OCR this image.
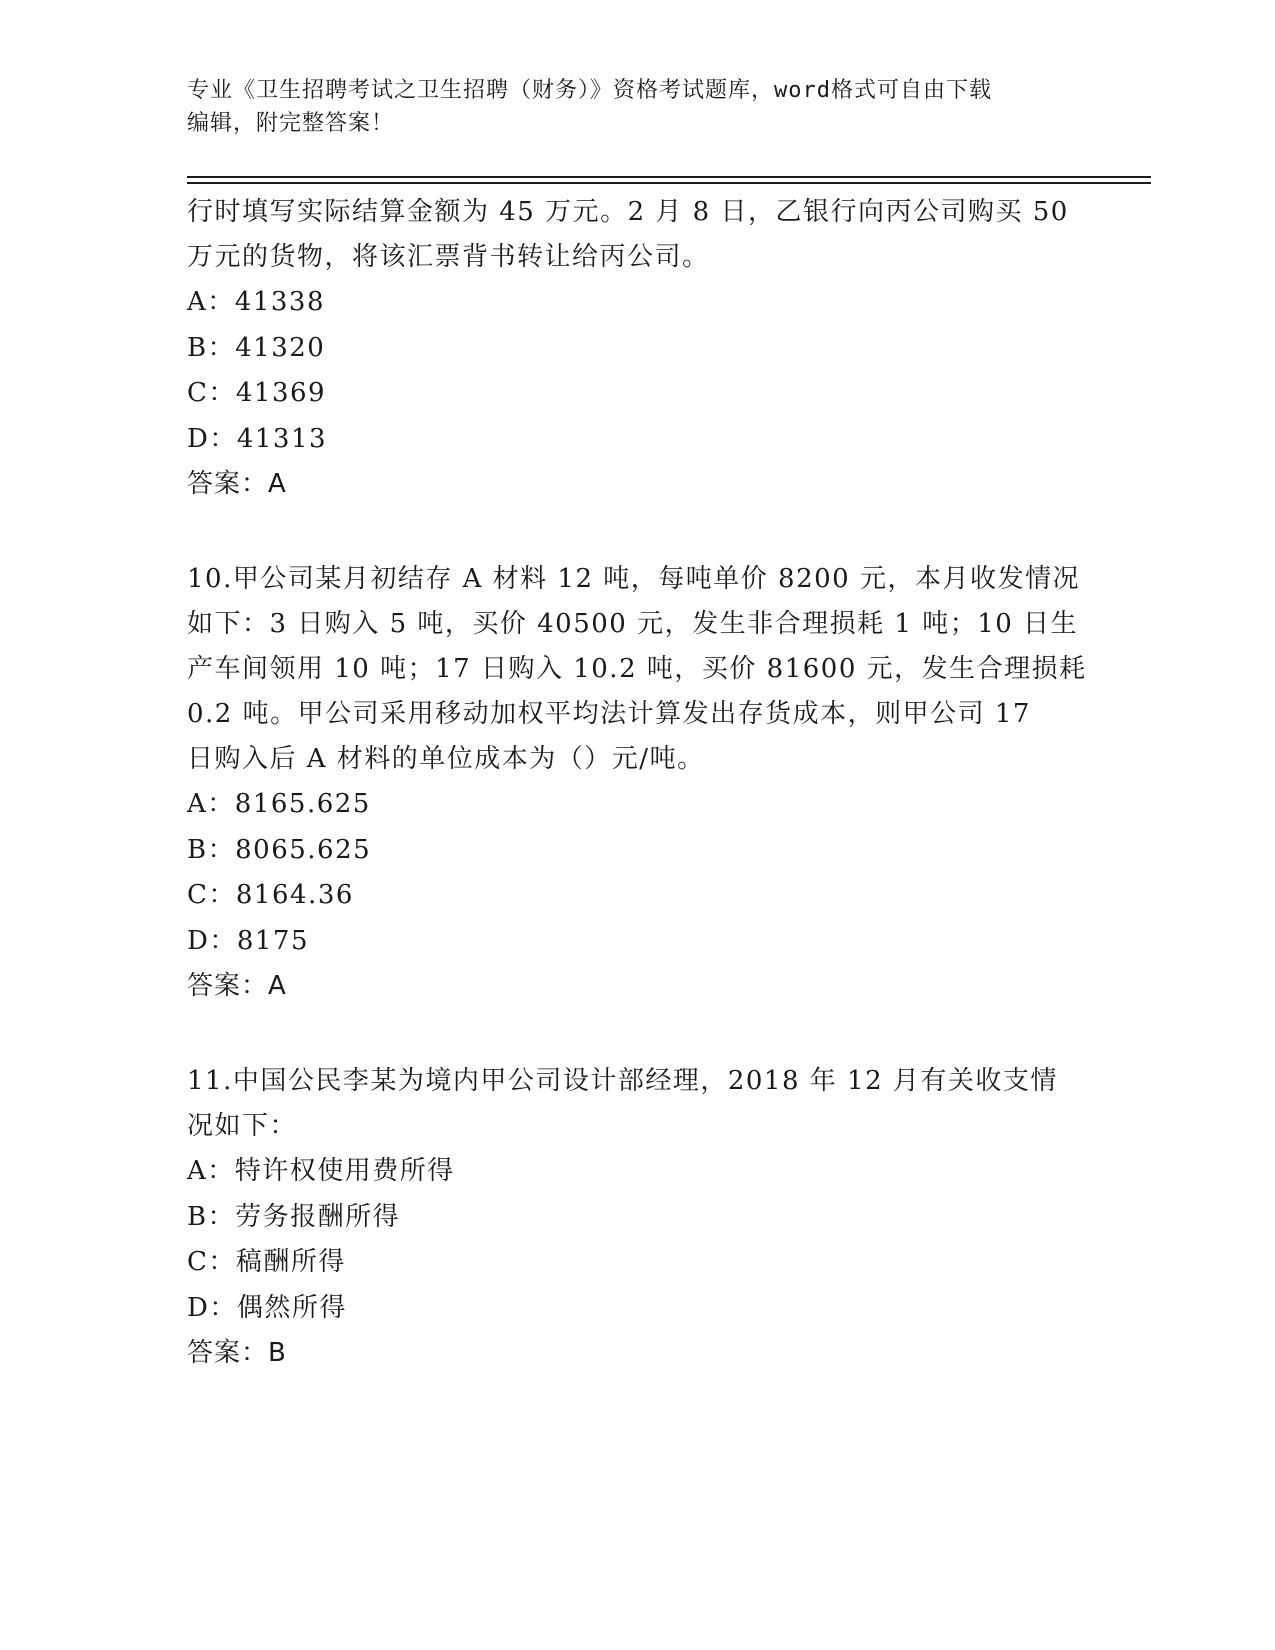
专业《卫生招聘考试之卫生招聘（财务）》资格考试题库，word格式可自由下载
编辑，附完整答案！

行时填写实际结算金额为 45 万元。2 月 8 日，乙银行向丙公司购买 50

万元的货物，将该汇票背书转让给丙公司。

A：41338

B：41320

C：41369

D：41313

答案：A

10.甲公司某月初结存 A 材料 12 吨，每吨单价 8200 元，本月收发情况

如下：3 日购入 5 吨，买价 40500 元，发生非合理损耗 1 吨；10 日生

产车间领用 10 吨；17 日购入 10.2 吨，买价 81600 元，发生合理损耗

0.2 吨。甲公司采用移动加权平均法计算发出存货成本，则甲公司 17

日购入后 A 材料的单位成本为（）元/吨。

A：8165.625

B：8065.625

C：8164.36

D：8175

答案：A

11.中国公民李某为境内甲公司设计部经理，2018 年 12 月有关收支情

况如下：

A：特许权使用费所得

B：劳务报酬所得

C：稿酬所得

D：偶然所得

答案：B
